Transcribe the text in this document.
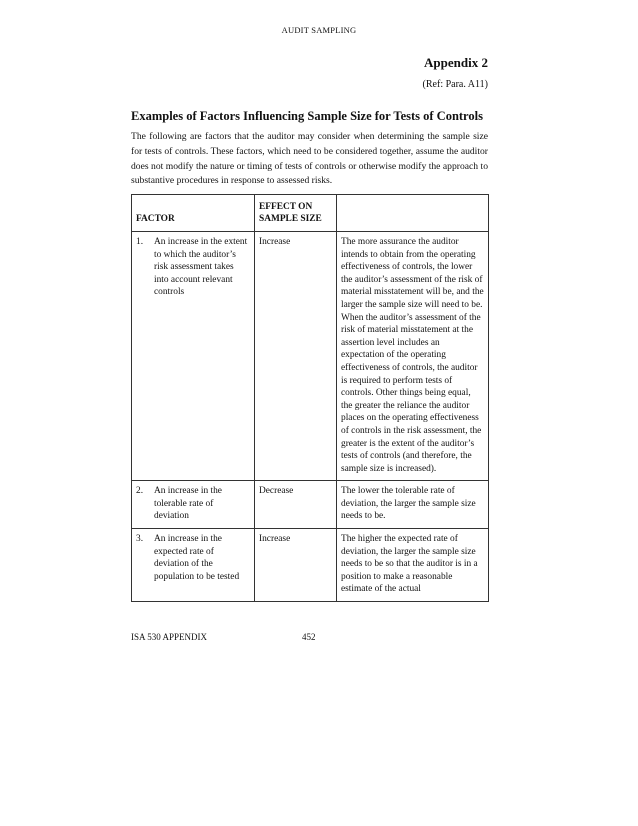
AUDIT SAMPLING
Appendix 2
(Ref: Para. A11)
Examples of Factors Influencing Sample Size for Tests of Controls
The following are factors that the auditor may consider when determining the sample size for tests of controls. These factors, which need to be considered together, assume the auditor does not modify the nature or timing of tests of controls or otherwise modify the approach to substantive procedures in response to assessed risks.
FACTOR	EFFECT ON
SAMPLE SIZE	
1. An increase in the extent to which the auditor’s risk assessment takes into account relevant controls	Increase	The more assurance the auditor intends to obtain from the operating effectiveness of controls, the lower the auditor’s assessment of the risk of material misstatement will be, and the larger the sample size will need to be. When the auditor’s assessment of the risk of material misstatement at the assertion level includes an expectation of the operating effectiveness of controls, the auditor is required to perform tests of controls. Other things being equal, the greater the reliance the auditor places on the operating effectiveness of controls in the risk assessment, the greater is the extent of the auditor’s tests of controls (and therefore, the sample size is increased).
2. An increase in the tolerable rate of deviation	Decrease	The lower the tolerable rate of deviation, the larger the sample size needs to be.
3. An increase in the expected rate of deviation of the population to be tested	Increase	The higher the expected rate of deviation, the larger the sample size needs to be so that the auditor is in a position to make a reasonable estimate of the actual
ISA 530 APPENDIX	452
